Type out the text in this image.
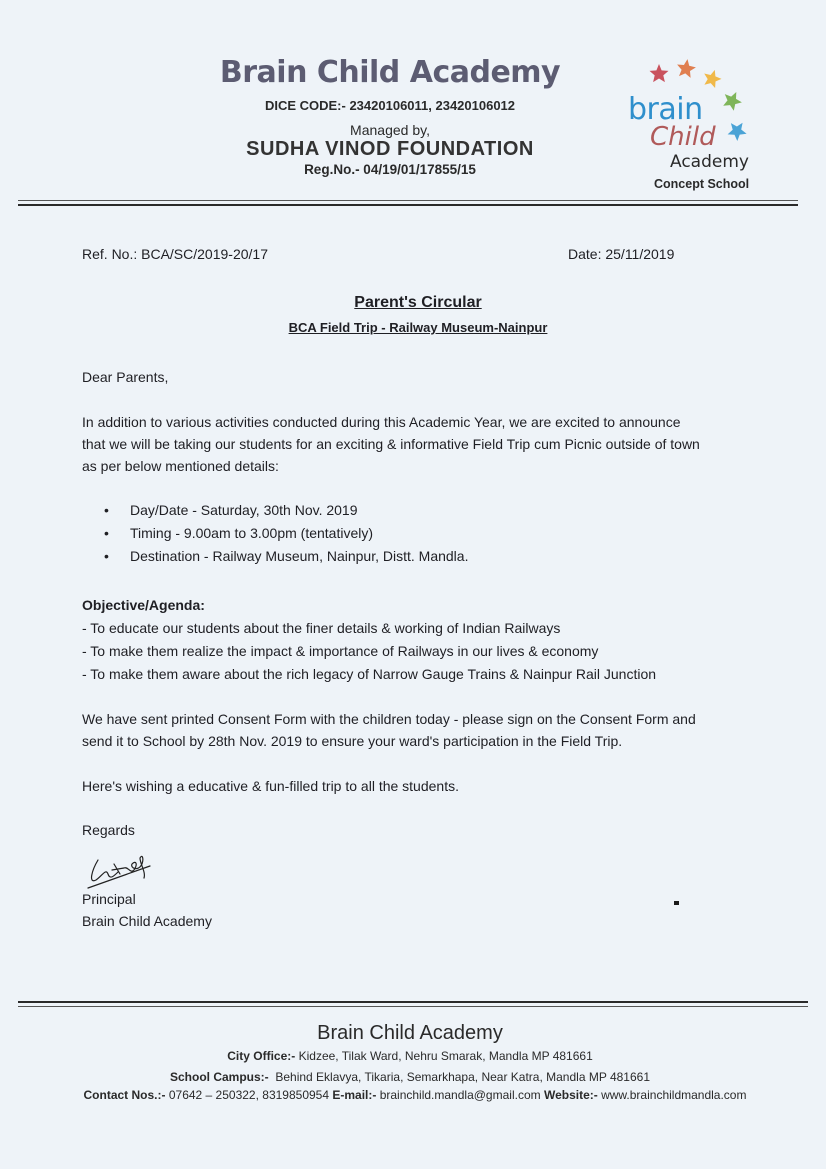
Brain Child Academy
DICE CODE:- 23420106011, 23420106012
Managed by,
SUDHA VINOD FOUNDATION
Reg.No.- 04/19/01/17855/15
brain
Child
Academy
Concept School
Ref. No.: BCA/SC/2019-20/17	Date: 25/11/2019
Parent's Circular
BCA Field Trip - Railway Museum-Nainpur
Dear Parents,
In addition to various activities conducted during this Academic Year, we are excited to announce
that we will be taking our students for an exciting & informative Field Trip cum Picnic outside of town
as per below mentioned details:
• Day/Date - Saturday, 30th Nov. 2019
• Timing - 9.00am to 3.00pm (tentatively)
• Destination - Railway Museum, Nainpur, Distt. Mandla.
Objective/Agenda:
- To educate our students about the finer details & working of Indian Railways
- To make them realize the impact & importance of Railways in our lives & economy
- To make them aware about the rich legacy of Narrow Gauge Trains & Nainpur Rail Junction
We have sent printed Consent Form with the children today - please sign on the Consent Form and
send it to School by 28th Nov. 2019 to ensure your ward's participation in the Field Trip.
Here's wishing a educative & fun-filled trip to all the students.
Regards
Principal
Brain Child Academy
Brain Child Academy
City Office:- Kidzee, Tilak Ward, Nehru Smarak, Mandla MP 481661
School Campus:-  Behind Eklavya, Tikaria, Semarkhapa, Near Katra, Mandla MP 481661
Contact Nos.:- 07642 – 250322, 8319850954 E-mail:- brainchild.mandla@gmail.com Website:- www.brainchildmandla.com
